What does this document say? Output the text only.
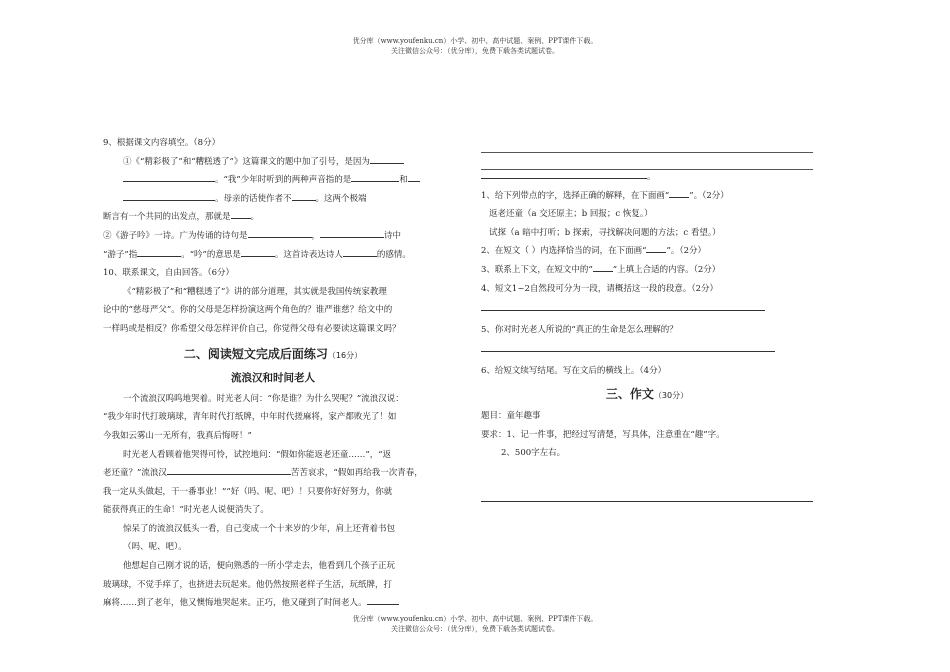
优分库（www.youfenku.cn）小学、初中、高中试题、案例、PPT课件下载。
关注微信公众号：（优分库），免费下载各类试题试卷。
9、根据课文内容填空。（8分）
①《“精彩极了”和“糟糕透了”》这篇课文的题中加了引号，是因为
。“我”少年时听到的两种声音指的是	和
。母亲的话使作者不	。这两个极端
断言有一个共同的出发点，那就是 。
②《游子吟》一诗。广为传诵的诗句是	，	诗中
“游子”指	。“吟”的意思是	。这首诗表达诗人	的感情。
10、联系课文，自由回答。（6分）
《“精彩极了”和“糟糕透了”》讲的部分道理，其实就是我国传统家教理
论中的“慈母严父”。你的父母是怎样扮演这两个角色的？谁严谁慈？给文中的
一样吗或是相反？你希望父母怎样评价自己，你觉得父母有必要读这篇课文吗？
二、阅读短文完成后面练习（16分）
流浪汉和时间老人
一个流浪汉呜呜地哭着。时光老人问：“你是谁？为什么哭呢？”流浪汉说：
“我少年时代打玻璃球，青年时代打纸牌，中年时代搓麻将，家产都败光了！如
今我如云雾山一无所有，我真后悔呀！”
时光老人看顾着他哭得可怜，试控地问：“假如你能返老还童……”，“返
老还童？”流浪汉	苦苦哀求，“假如再给我一次青春，
我一定从头做起，干一番事业！”“好（吗、呢、吧）！只要你好好努力，你就
能获得真正的生命！”时光老人说便消失了。
惊呆了的流浪汉低头一看，自己变成一个十来岁的少年，肩上还背着书包
（吗、呢、吧）。
他想起自己刚才说的话，便向熟悉的一所小学走去，他看到几个孩子正玩
玻璃球，不觉手痒了，也挤进去玩起来。他仍然按照老样子生活，玩纸牌，打
麻将……到了老年，他又懊悔地哭起来。正巧，他又碰到了时间老人。
。
1、给下列带点的字，选择正确的解释，在下面画“ ”。（2分）
返老还童（a 交还原主；b 回报；c 恢复。）
试探（a 暗中打听；b 探索，寻找解决问题的方法；c 看望。）
2、在短文（ ）内选择恰当的词，在下面画“ ”。（2分）
3、联系上下文，在短文中的“ ”上填上合适的内容。（2分）
4、短文1~2自然段可分为一段，请概括这一段的段意。（2分）
5、你对时光老人所说的“真正的生命是怎么理解的？
6、给短文续写结尾。写在文后的横线上。（4分）
三、作文（30分）
题目：童年趣事
要求：1、记一件事，把经过写清楚，写具体，注意重在“趣”字。
2、500字左右。
优分库（www.youfenku.cn）小学、初中、高中试题、案例、PPT课件下载。
关注微信公众号：（优分库），免费下载各类试题试卷。
